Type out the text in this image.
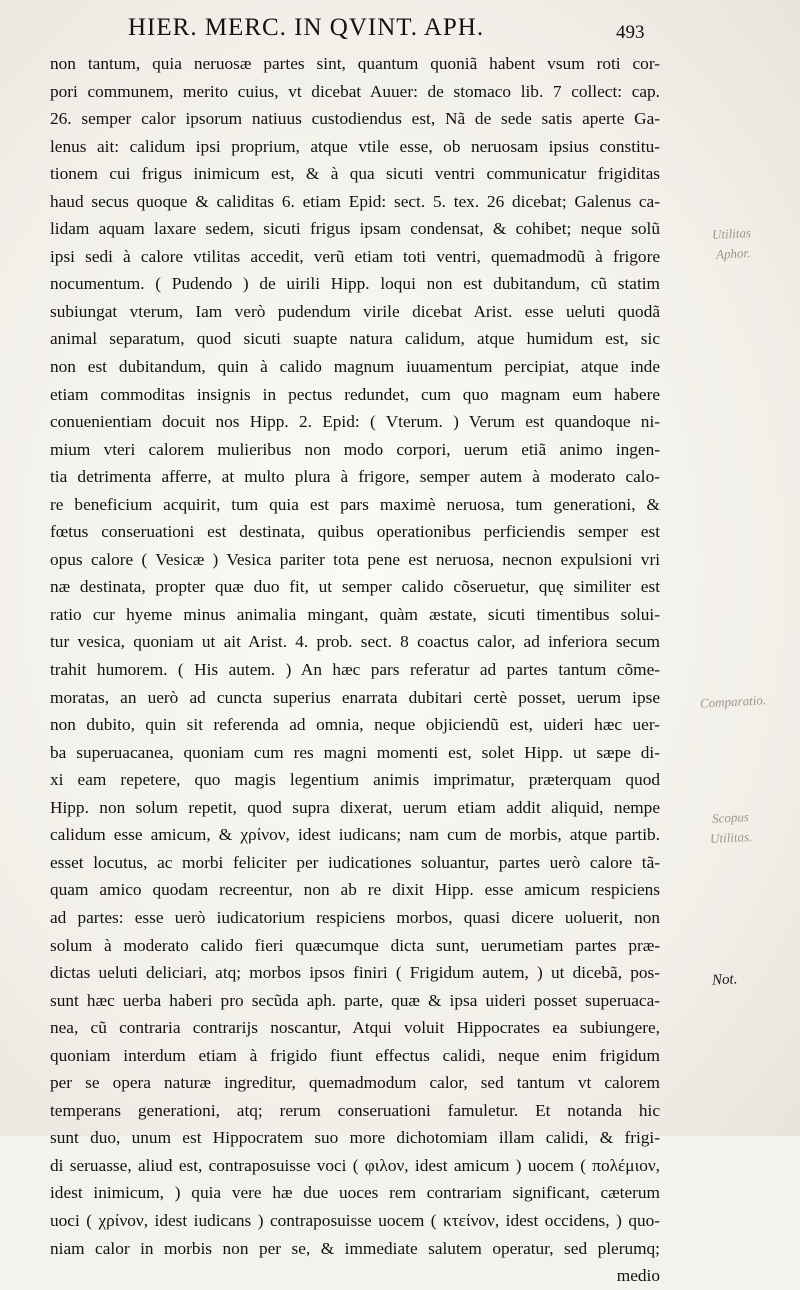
HIER. MERC. IN QVINT. APH.	493
non tantum, quia neruosæ partes sint, quantum quoniã habent vsum roti cor-
pori communem, merito cuius, vt dicebat Auuer: de stomaco lib. 7 collect: cap.
26. semper calor ipsorum natiuus custodiendus est, Nã de sede satis aperte Ga-
lenus ait: calidum ipsi proprium, atque vtile esse, ob neruosam ipsius constitu-
tionem cui frigus inimicum est, & à qua sicuti ventri communicatur frigiditas
haud secus quoque & caliditas 6. etiam Epid: sect. 5. tex. 26 dicebat; Galenus ca-
lidam aquam laxare sedem, sicuti frigus ipsam condensat, & cohibet; neque solũ
ipsi sedi à calore vtilitas accedit, verũ etiam toti ventri, quemadmodũ à frigore
nocumentum. ( Pudendo ) de uirili Hipp. loqui non est dubitandum, cũ statim
subiungat vterum, Iam verò pudendum virile dicebat Arist. esse ueluti quodã
animal separatum, quod sicuti suapte natura calidum, atque humidum est, sic
non est dubitandum, quin à calido magnum iuuamentum percipiat, atque inde
etiam commoditas insignis in pectus redundet, cum quo magnam eum habere
conuenientiam docuit nos Hipp. 2. Epid: ( Vterum. ) Verum est quandoque ni-
mium vteri calorem mulieribus non modo corpori, uerum etiã animo ingen-
tia detrimenta afferre, at multo plura à frigore, semper autem à moderato calo-
re beneficium acquirit, tum quia est pars maximè neruosa, tum generationi, &
fœtus conseruationi est destinata, quibus operationibus perficiendis semper est
opus calore ( Vesicæ ) Vesica pariter tota pene est neruosa, necnon expulsioni vri
næ destinata, propter quæ duo fit, ut semper calido cõseruetur, quę similiter est
ratio cur hyeme minus animalia mingant, quàm æstate, sicuti timentibus solui-
tur vesica, quoniam ut ait Arist. 4. prob. sect. 8 coactus calor, ad inferiora secum
trahit humorem. ( His autem. ) An hæc pars referatur ad partes tantum cõme-
moratas, an uerò ad cuncta superius enarrata dubitari certè posset, uerum ipse
non dubito, quin sit referenda ad omnia, neque objiciendũ est, uideri hæc uer-
ba superuacanea, quoniam cum res magni momenti est, solet Hipp. ut sæpe di-
xi eam repetere, quo magis legentium animis imprimatur, præterquam quod
Hipp. non solum repetit, quod supra dixerat, uerum etiam addit aliquid, nempe
calidum esse amicum, & χρίνον, idest iudicans; nam cum de morbis, atque partib.
esset locutus, ac morbi feliciter per iudicationes soluantur, partes uerò calore tã-
quam amico quodam recreentur, non ab re dixit Hipp. esse amicum respiciens
ad partes: esse uerò iudicatorium respiciens morbos, quasi dicere uoluerit, non
solum à moderato calido fieri quæcumque dicta sunt, uerumetiam partes præ-
dictas ueluti deliciari, atq; morbos ipsos finiri ( Frigidum autem, ) ut dicebã, pos-
sunt hæc uerba haberi pro secũda aph. parte, quæ & ipsa uideri posset superuaca-
nea, cũ contraria contrarijs noscantur, Atqui voluit Hippocrates ea subiungere,
quoniam interdum etiam à frigido fiunt effectus calidi, neque enim frigidum
per se opera naturæ ingreditur, quemadmodum calor, sed tantum vt calorem
temperans generationi, atq; rerum conseruationi famuletur. Et notanda hic
sunt duo, unum est Hippocratem suo more dichotomiam illam calidi, & frigi-
di seruasse, aliud est, contraposuisse voci ( φιλον, idest amicum ) uocem ( πολέμιον,
idest inimicum, ) quia vere hæ due uoces rem contrariam significant, cæterum
uoci ( χρίνον, idest iudicans ) contraposuisse uocem ( κτείνον, idest occidens, ) quo-
niam calor in morbis non per se, & immediate salutem operatur, sed plerumq;
medio
Utilitas
Aphor.
Comparatio.
Scopus
Utilitas.
Not.
